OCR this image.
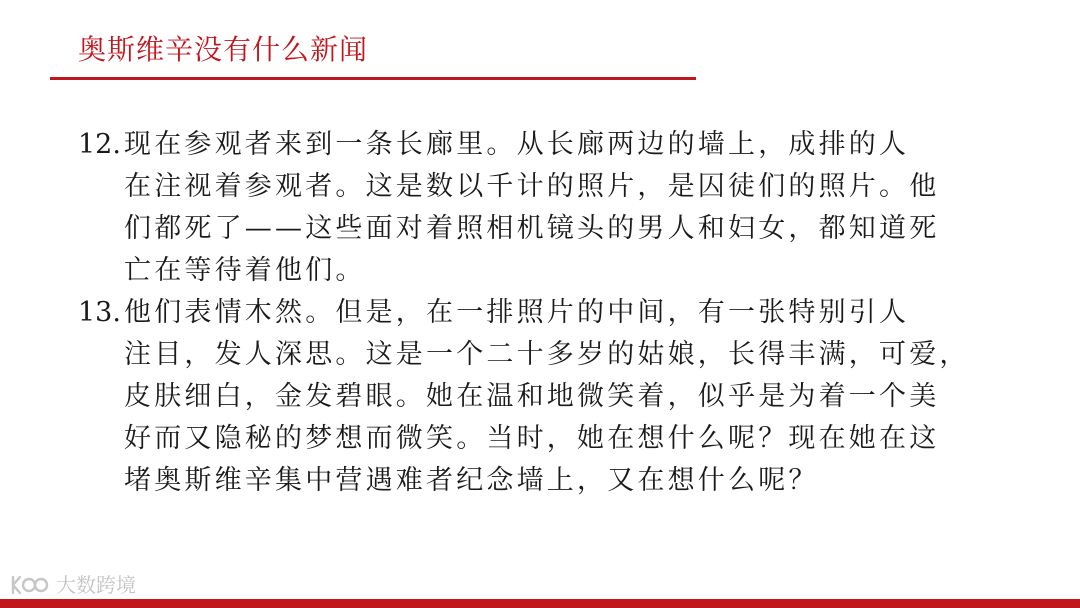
奥斯维辛没有什么新闻
12. 现在参观者来到一条长廊里。从长廊两边的墙上，成排的人
在注视着参观者。这是数以千计的照片，是囚徒们的照片。他
们都死了——这些面对着照相机镜头的男人和妇女，都知道死
亡在等待着他们。
13. 他们表情木然。但是，在一排照片的中间，有一张特别引人
注目，发人深思。这是一个二十多岁的姑娘，长得丰满，可爱，
皮肤细白，金发碧眼。她在温和地微笑着，似乎是为着一个美
好而又隐秘的梦想而微笑。当时，她在想什么呢？现在她在这
堵奥斯维辛集中营遇难者纪念墙上，又在想什么呢？
大数跨境
